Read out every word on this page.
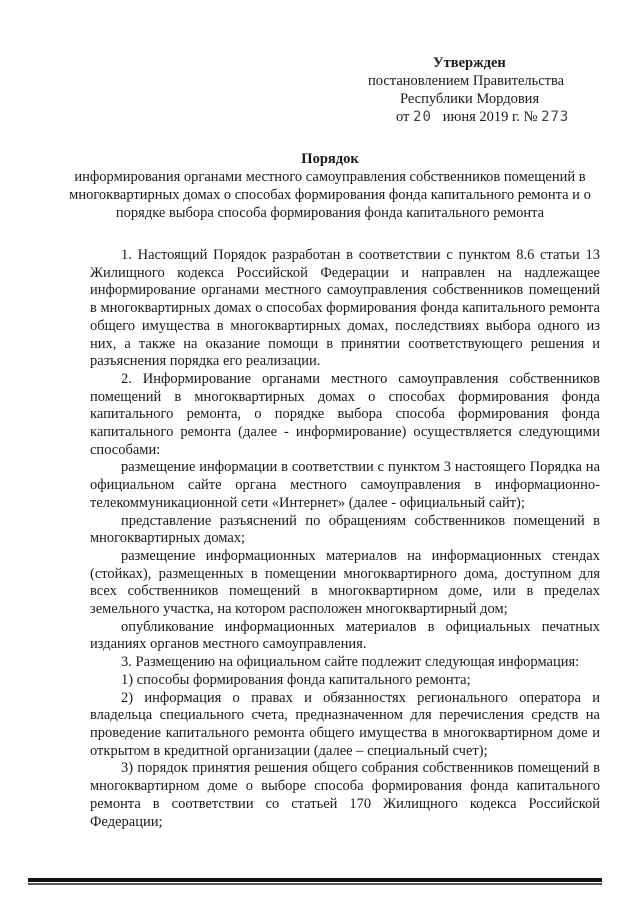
Утвержден
постановлением Правительства
Республики Мордовия
от 20 июня 2019 г. № 273
Порядок
информирования органами местного самоуправления собственников помещений в многоквартирных домах о способах формирования фонда капитального ремонта и о порядке выбора способа формирования фонда капитального ремонта

1. Настоящий Порядок разработан в соответствии с пунктом 8.6 статьи 13 Жилищного кодекса Российской Федерации и направлен на надлежащее информирование органами местного самоуправления собственников помещений в многоквартирных домах о способах формирования фонда капитального ремонта общего имущества в многоквартирных домах, последствиях выбора одного из них, а также на оказание помощи в принятии соответствующего решения и разъяснения порядка его реализации.

2. Информирование органами местного самоуправления собственников помещений в многоквартирных домах о способах формирования фонда капитального ремонта, о порядке выбора способа формирования фонда капитального ремонта (далее - информирование) осуществляется следующими способами:

размещение информации в соответствии с пунктом 3 настоящего Порядка на официальном сайте органа местного самоуправления в информационно-телекоммуникационной сети «Интернет» (далее - официальный сайт);

представление разъяснений по обращениям собственников помещений в многоквартирных домах;

размещение информационных материалов на информационных стендах (стойках), размещенных в помещении многоквартирного дома, доступном для всех собственников помещений в многоквартирном доме, или в пределах земельного участка, на котором расположен многоквартирный дом;

опубликование информационных материалов в официальных печатных изданиях органов местного самоуправления.

3. Размещению на официальном сайте подлежит следующая информация:

1) способы формирования фонда капитального ремонта;

2) информация о правах и обязанностях регионального оператора и владельца специального счета, предназначенном для перечисления средств на проведение капитального ремонта общего имущества в многоквартирном доме и открытом в кредитной организации (далее – специальный счет);

3) порядок принятия решения общего собрания собственников помещений в многоквартирном доме о выборе способа формирования фонда капитального ремонта в соответствии со статьей 170 Жилищного кодекса Российской Федерации;
